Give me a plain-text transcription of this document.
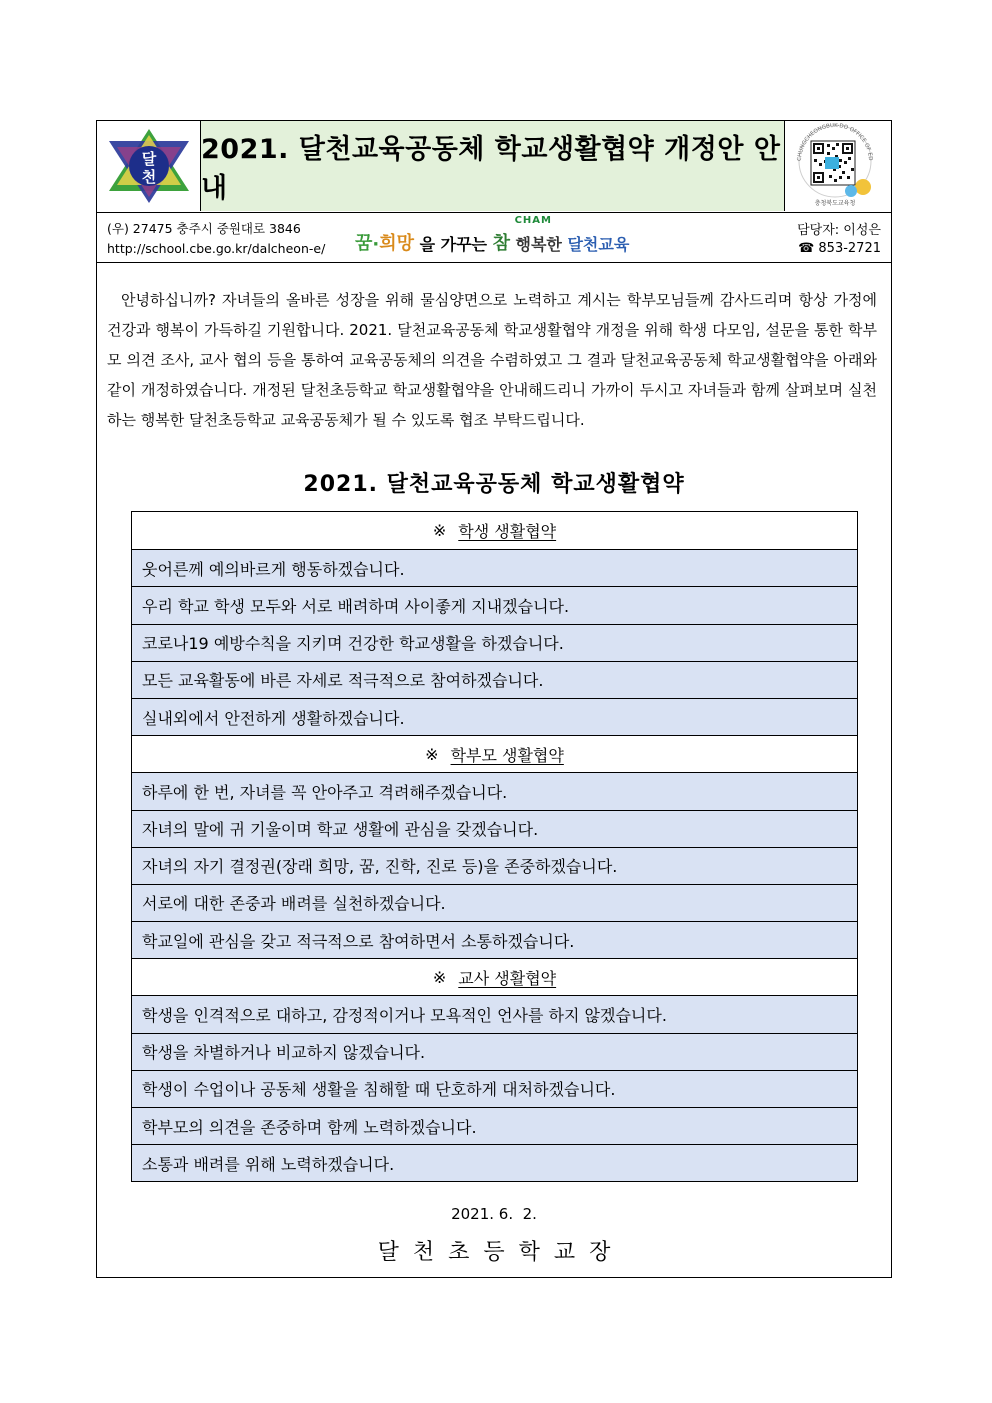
달
천
2021. 달천교육공동체 학교생활협약 개정안 안내	충청북도교육청
CHUNGCHEONGBUK-DO OFFICE OF ED
(우) 27475 충주시 중원대로 3846
http://school.cbe.go.kr/dalcheon-e/ 꿈 · 희망 을 가꾸는 참
CHAM
행복한 달천교육
담당자: 이성은
☎ 853-2721
안녕하십니까? 자녀들의 올바른 성장을 위해 물심양면으로 노력하고 계시는 학부모님들께 감사드리며 항상 가정에 건강과 행복이 가득하길 기원합니다. 2021. 달천교육공동체 학교생활협약 개정을 위해 학생 다모임, 설문을 통한 학부모 의견 조사, 교사 협의 등을 통하여 교육공동체의 의견을 수렴하였고 그 결과 달천교육공동체 학교생활협약을 아래와 같이 개정하였습니다. 개정된 달천초등학교 학교생활협약을 안내해드리니 가까이 두시고 자녀들과 함께 살펴보며 실천하는 행복한 달천초등학교 교육공동체가 될 수 있도록 협조 부탁드립니다.
2021. 달천교육공동체 학교생활협약
※ 학생 생활협약
웃어른께 예의바르게 행동하겠습니다.
우리 학교 학생 모두와 서로 배려하며 사이좋게 지내겠습니다.
코로나19 예방수칙을 지키며 건강한 학교생활을 하겠습니다.
모든 교육활동에 바른 자세로 적극적으로 참여하겠습니다.
실내외에서 안전하게 생활하겠습니다.
※ 학부모 생활협약
하루에 한 번, 자녀를 꼭 안아주고 격려해주겠습니다.
자녀의 말에 귀 기울이며 학교 생활에 관심을 갖겠습니다.
자녀의 자기 결정권(장래 희망, 꿈, 진학, 진로 등)을 존중하겠습니다.
서로에 대한 존중과 배려를 실천하겠습니다.
학교일에 관심을 갖고 적극적으로 참여하면서 소통하겠습니다.
※ 교사 생활협약
학생을 인격적으로 대하고, 감정적이거나 모욕적인 언사를 하지 않겠습니다.
학생을 차별하거나 비교하지 않겠습니다.
학생이 수업이나 공동체 생활을 침해할 때 단호하게 대처하겠습니다.
학부모의 의견을 존중하며 함께 노력하겠습니다.
소통과 배려를 위해 노력하겠습니다.
2021. 6.  2.
달천초등학교장
